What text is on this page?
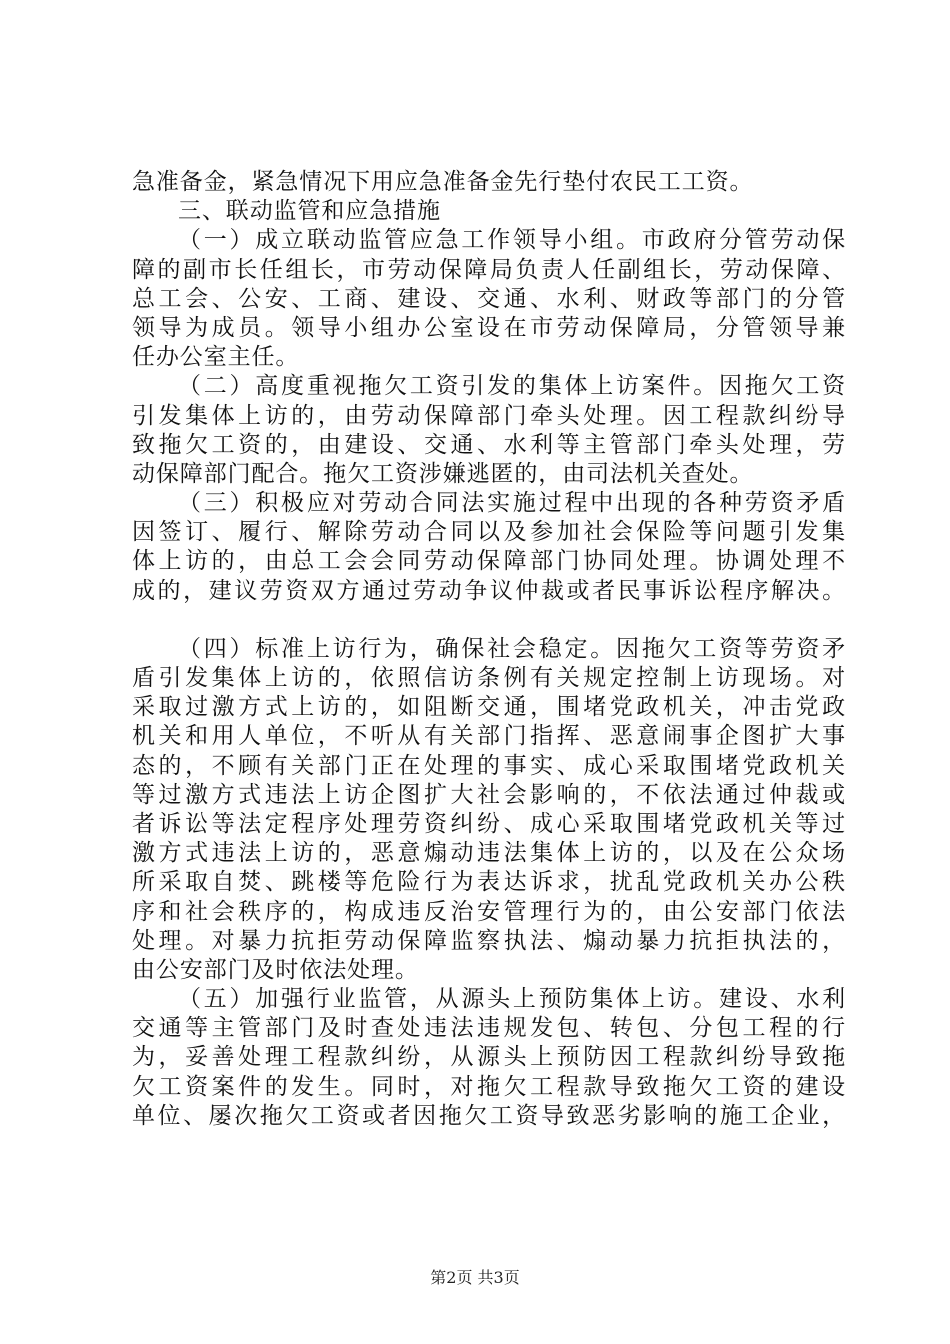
急准备金，紧急情况下用应急准备金先行垫付农民工工资。
三、联动监管和应急措施
（一）成立联动监管应急工作领导小组。市政府分管劳动保
障的副市长任组长，市劳动保障局负责人任副组长，劳动保障、
总工会、公安、工商、建设、交通、水利、财政等部门的分管
领导为成员。领导小组办公室设在市劳动保障局，分管领导兼
任办公室主任。
（二）高度重视拖欠工资引发的集体上访案件。因拖欠工资
引发集体上访的，由劳动保障部门牵头处理。因工程款纠纷导
致拖欠工资的，由建设、交通、水利等主管部门牵头处理，劳
动保障部门配合。拖欠工资涉嫌逃匿的，由司法机关查处。
（三）积极应对劳动合同法实施过程中出现的各种劳资矛盾
因签订、履行、解除劳动合同以及参加社会保险等问题引发集
体上访的，由总工会会同劳动保障部门协同处理。协调处理不
成的，建议劳资双方通过劳动争议仲裁或者民事诉讼程序解决。
（四）标准上访行为，确保社会稳定。因拖欠工资等劳资矛
盾引发集体上访的，依照信访条例有关规定控制上访现场。对
采取过激方式上访的，如阻断交通，围堵党政机关，冲击党政
机关和用人单位，不听从有关部门指挥、恶意闹事企图扩大事
态的，不顾有关部门正在处理的事实、成心采取围堵党政机关
等过激方式违法上访企图扩大社会影响的，不依法通过仲裁或
者诉讼等法定程序处理劳资纠纷、成心采取围堵党政机关等过
激方式违法上访的，恶意煽动违法集体上访的，以及在公众场
所采取自焚、跳楼等危险行为表达诉求，扰乱党政机关办公秩
序和社会秩序的，构成违反治安管理行为的，由公安部门依法
处理。对暴力抗拒劳动保障监察执法、煽动暴力抗拒执法的，
由公安部门及时依法处理。
（五）加强行业监管，从源头上预防集体上访。建设、水利
交通等主管部门及时查处违法违规发包、转包、分包工程的行
为，妥善处理工程款纠纷，从源头上预防因工程款纠纷导致拖
欠工资案件的发生。同时，对拖欠工程款导致拖欠工资的建设
单位、屡次拖欠工资或者因拖欠工资导致恶劣影响的施工企业，
第2页 共3页
